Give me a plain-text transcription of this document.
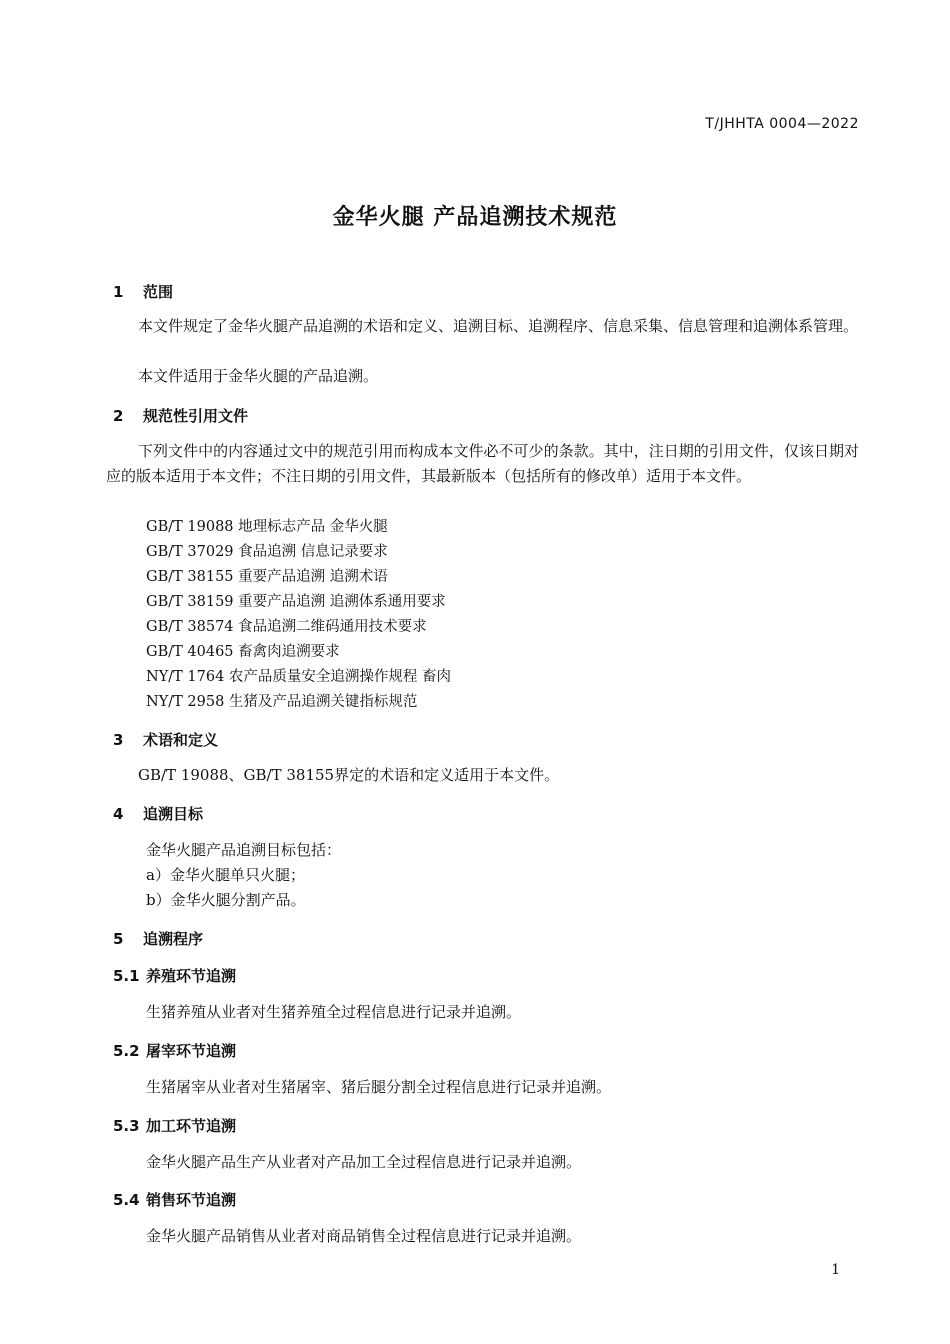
T/JHHTA 0004—2022
金华火腿 产品追溯技术规范
1 范围
本文件规定了金华火腿产品追溯的术语和定义、追溯目标、追溯程序、信息采集、信息管理和追溯体系管理。
本文件适用于金华火腿的产品追溯。
2 规范性引用文件
下列文件中的内容通过文中的规范引用而构成本文件必不可少的条款。其中，注日期的引用文件，仅该日期对应的版本适用于本文件；不注日期的引用文件，其最新版本（包括所有的修改单）适用于本文件。
GB/T 19088 地理标志产品 金华火腿
GB/T 37029 食品追溯 信息记录要求
GB/T 38155 重要产品追溯 追溯术语
GB/T 38159 重要产品追溯 追溯体系通用要求
GB/T 38574 食品追溯二维码通用技术要求
GB/T 40465 畜禽肉追溯要求
NY/T 1764 农产品质量安全追溯操作规程 畜肉
NY/T 2958 生猪及产品追溯关键指标规范
3 术语和定义
GB/T 19088、GB/T 38155界定的术语和定义适用于本文件。
4 追溯目标
金华火腿产品追溯目标包括：
a）金华火腿单只火腿；
b）金华火腿分割产品。
5 追溯程序
5.1 养殖环节追溯
生猪养殖从业者对生猪养殖全过程信息进行记录并追溯。
5.2 屠宰环节追溯
生猪屠宰从业者对生猪屠宰、猪后腿分割全过程信息进行记录并追溯。
5.3 加工环节追溯
金华火腿产品生产从业者对产品加工全过程信息进行记录并追溯。
5.4 销售环节追溯
金华火腿产品销售从业者对商品销售全过程信息进行记录并追溯。
1
